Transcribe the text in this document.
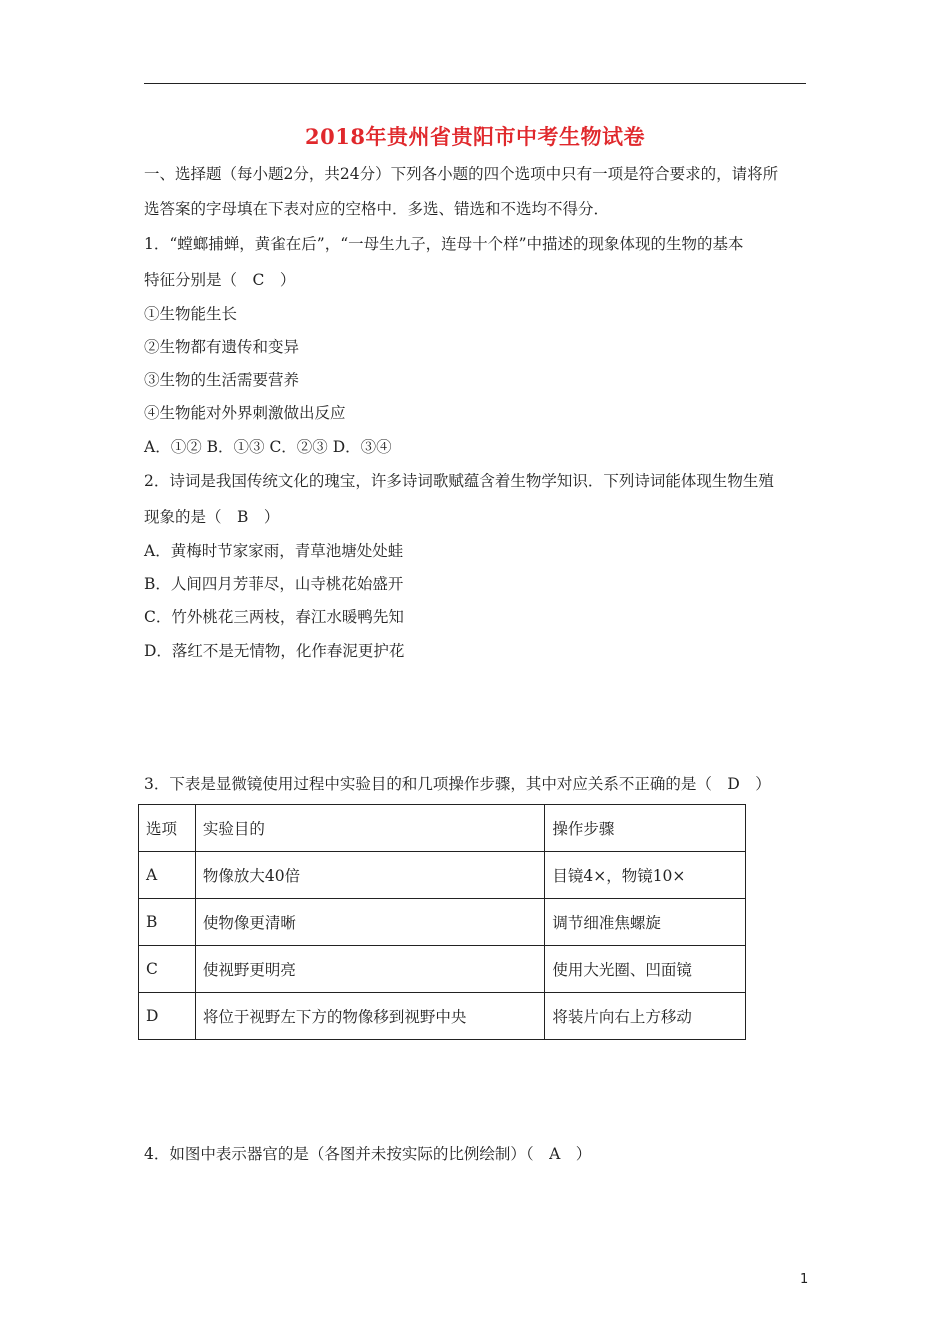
2018年贵州省贵阳市中考生物试卷
一、选择题（每小题2分，共24分）下列各小题的四个选项中只有一项是符合要求的，请将所
选答案的字母填在下表对应的空格中．多选、错选和不选均不得分．
1．“螳螂捕蝉，黄雀在后”，“一母生九子，连母十个样”中描述的现象体现的生物的基本
特征分别是（　C　）
①生物能生长
②生物都有遗传和变异
③生物的生活需要营养
④生物能对外界刺激做出反应
A．①② B．①③ C．②③ D．③④
2．诗词是我国传统文化的瑰宝，许多诗词歌赋蕴含着生物学知识．下列诗词能体现生物生殖
现象的是（　B　）
A．黄梅时节家家雨，青草池塘处处蛙
B．人间四月芳菲尽，山寺桃花始盛开
C．竹外桃花三两枝，春江水暖鸭先知
D．落红不是无情物，化作春泥更护花
3．下表是显微镜使用过程中实验目的和几项操作步骤，其中对应关系不正确的是（　D　）
选项	实验目的	操作步骤
A	物像放大40倍	目镜4×，物镜10×
B	使物像更清晰	调节细准焦螺旋
C	使视野更明亮	使用大光圈、凹面镜
D	将位于视野左下方的物像移到视野中央	将装片向右上方移动
4．如图中表示器官的是（各图并未按实际的比例绘制）（　A　）
1
